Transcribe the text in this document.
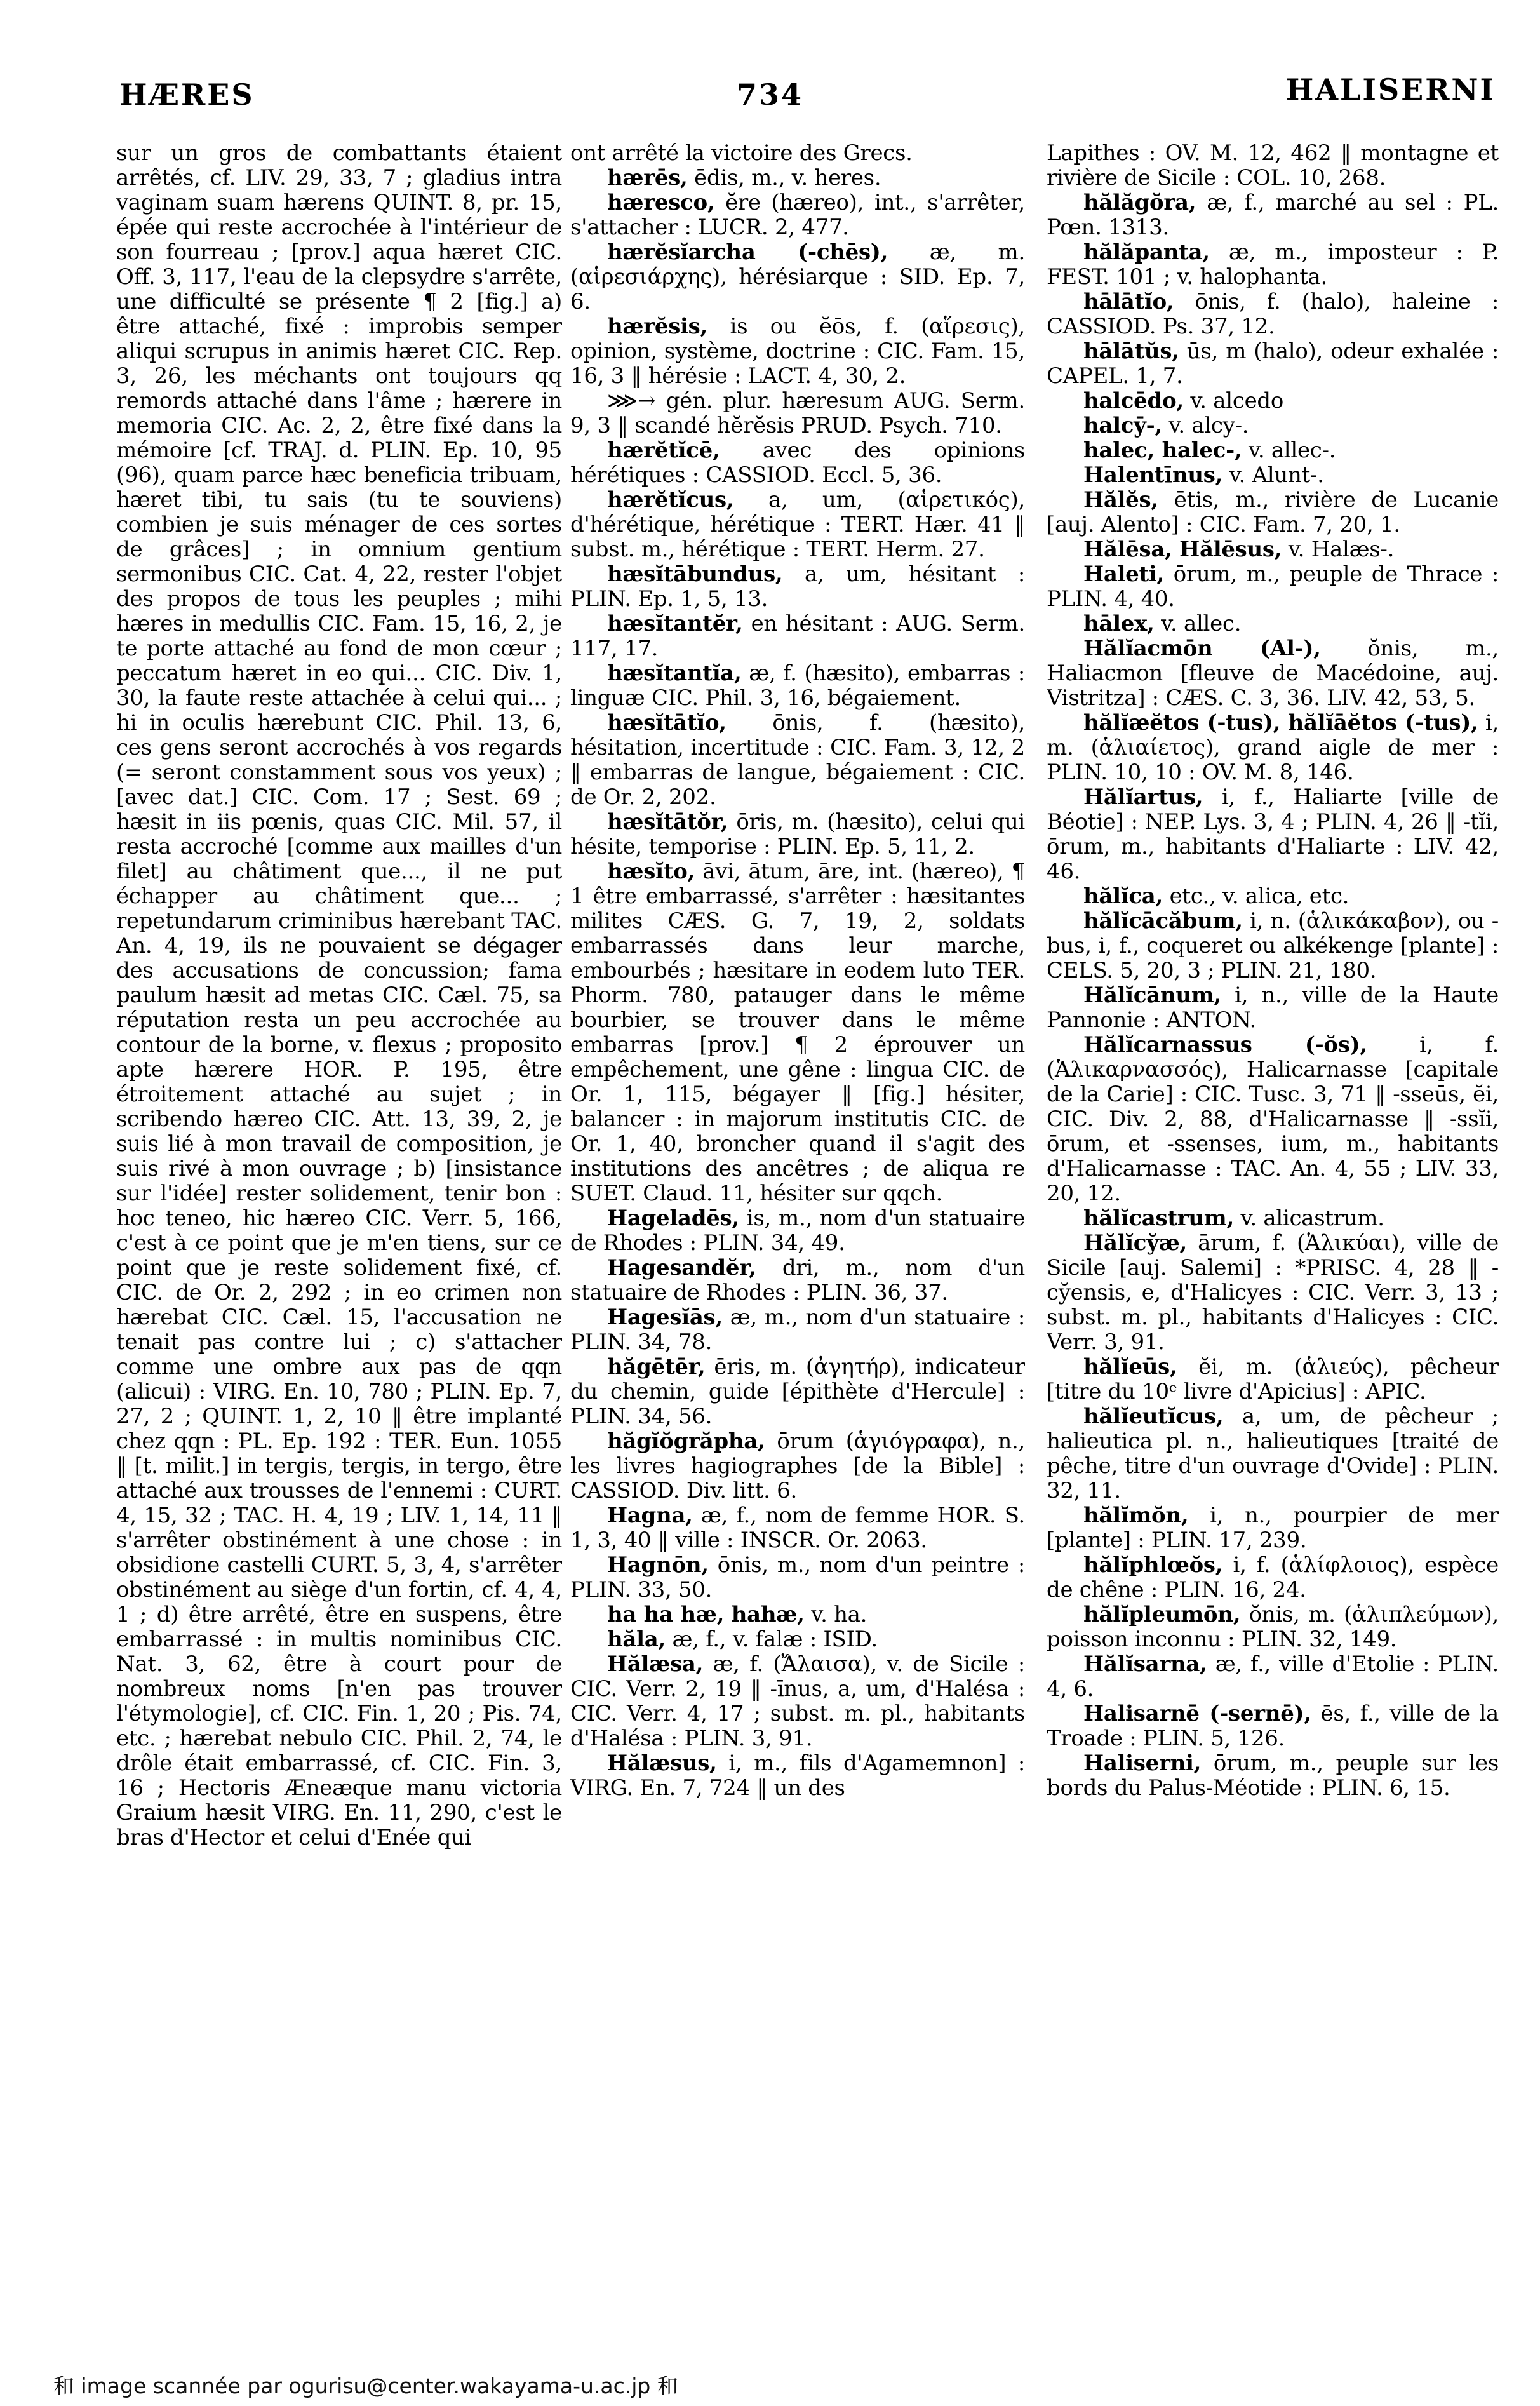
HÆRES	734	HALISERNI

sur un gros de combattants étaient arrêtés, cf. LIV. 29, 33, 7 ; gladius intra vaginam suam hærens QUINT. 8, pr. 15, épée qui reste accrochée à l'intérieur de son fourreau ; [prov.] aqua hæret CIC. Off. 3, 117, l'eau de la clepsydre s'arrête, une difficulté se présente ¶ 2 [fig.] a) être attaché, fixé : improbis semper aliqui scrupus in animis hæret CIC. Rep. 3, 26, les méchants ont toujours qq remords attaché dans l'âme ; hærere in memoria CIC. Ac. 2, 2, être fixé dans la mémoire [cf. TRAJ. d. PLIN. Ep. 10, 95 (96), quam parce hæc beneficia tribuam, hæret tibi, tu sais (tu te souviens) combien je suis ménager de ces sortes de grâces] ; in omnium gentium sermonibus CIC. Cat. 4, 22, rester l'objet des propos de tous les peuples ; mihi hæres in medullis CIC. Fam. 15, 16, 2, je te porte attaché au fond de mon cœur ; peccatum hæret in eo qui... CIC. Div. 1, 30, la faute reste attachée à celui qui... ; hi in oculis hærebunt CIC. Phil. 13, 6, ces gens seront accrochés à vos regards (= seront constamment sous vos yeux) ; [avec dat.] CIC. Com. 17 ; Sest. 69 ; hæsit in iis pœnis, quas CIC. Mil. 57, il resta accroché [comme aux mailles d'un filet] au châtiment que..., il ne put échapper au châtiment que... ; repetundarum criminibus hærebant TAC. An. 4, 19, ils ne pouvaient se dégager des accusations de concussion; fama paulum hæsit ad metas CIC. Cæl. 75, sa réputation resta un peu accrochée au contour de la borne, v. flexus ; proposito apte hærere HOR. P. 195, être étroitement attaché au sujet ; in scribendo hæreo CIC. Att. 13, 39, 2, je suis lié à mon travail de composition, je suis rivé à mon ouvrage ; b) [insistance sur l'idée] rester solidement, tenir bon : hoc teneo, hic hæreo CIC. Verr. 5, 166, c'est à ce point que je m'en tiens, sur ce point que je reste solidement fixé, cf. CIC. de Or. 2, 292 ; in eo crimen non hærebat CIC. Cæl. 15, l'accusation ne tenait pas contre lui ; c) s'attacher comme une ombre aux pas de qqn (alicui) : VIRG. En. 10, 780 ; PLIN. Ep. 7, 27, 2 ; QUINT. 1, 2, 10 ‖ être implanté chez qqn : PL. Ep. 192 : TER. Eun. 1055 ‖ [t. milit.] in tergis, tergis, in tergo, être attaché aux trousses de l'ennemi : CURT. 4, 15, 32 ; TAC. H. 4, 19 ; LIV. 1, 14, 11 ‖ s'arrêter obstinément à une chose : in obsidione castelli CURT. 5, 3, 4, s'arrêter obstinément au siège d'un fortin, cf. 4, 4, 1 ; d) être arrêté, être en suspens, être embarrassé : in multis nominibus CIC. Nat. 3, 62, être à court pour de nombreux noms [n'en pas trouver l'étymologie], cf. CIC. Fin. 1, 20 ; Pis. 74, etc. ; hærebat nebulo CIC. Phil. 2, 74, le drôle était embarrassé, cf. CIC. Fin. 3, 16 ; Hectoris Æneæque manu victoria Graium hæsit VIRG. En. 11, 290, c'est le bras d'Hector et celui d'Enée qui

ont arrêté la victoire des Grecs.

hærēs, ēdis, m., v. heres.

hæresco, ĕre (hæreo), int., s'arrêter, s'attacher : LUCR. 2, 477.

hærĕsĭarcha (-chēs), æ, m. (αἱρεσιάρχης), hérésiarque : SID. Ep. 7, 6.

hærĕsis, is ou ĕōs, f. (αἵρεσις), opinion, système, doctrine : CIC. Fam. 15, 16, 3 ‖ hérésie : LACT. 4, 30, 2.

⋙→ gén. plur. hæresum AUG. Serm. 9, 3 ‖ scandé hĕrĕsis PRUD. Psych. 710.

hærĕtĭcē, avec des opinions hérétiques : CASSIOD. Eccl. 5, 36.

hærĕtĭcus, a, um, (αἱρετικός), d'hérétique, hérétique : TERT. Hær. 41 ‖ subst. m., hérétique : TERT. Herm. 27.

hæsĭtābundus, a, um, hésitant : PLIN. Ep. 1, 5, 13.

hæsĭtantĕr, en hésitant : AUG. Serm. 117, 17.

hæsĭtantĭa, æ, f. (hæsito), embarras : linguæ CIC. Phil. 3, 16, bégaiement.

hæsĭtātĭo, ōnis, f. (hæsito), hésitation, incertitude : CIC. Fam. 3, 12, 2 ‖ embarras de langue, bégaiement : CIC. de Or. 2, 202.

hæsĭtātŏr, ōris, m. (hæsito), celui qui hésite, temporise : PLIN. Ep. 5, 11, 2.

hæsĭto, āvi, ātum, āre, int. (hæreo), ¶ 1 être embarrassé, s'arrêter : hæsitantes milites CÆS. G. 7, 19, 2, soldats embarrassés dans leur marche, embourbés ; hæsitare in eodem luto TER. Phorm. 780, patauger dans le même bourbier, se trouver dans le même embarras [prov.] ¶ 2 éprouver un empêchement, une gêne : lingua CIC. de Or. 1, 115, bégayer ‖ [fig.] hésiter, balancer : in majorum institutis CIC. de Or. 1, 40, broncher quand il s'agit des institutions des ancêtres ; de aliqua re SUET. Claud. 11, hésiter sur qqch.

Hageladēs, is, m., nom d'un statuaire de Rhodes : PLIN. 34, 49.

Hagesandĕr, dri, m., nom d'un statuaire de Rhodes : PLIN. 36, 37.

Hagesĭās, æ, m., nom d'un statuaire : PLIN. 34, 78.

hăgētēr, ēris, m. (ἀγητήρ), indicateur du chemin, guide [épithète d'Hercule] : PLIN. 34, 56.

hăgĭŏgrăpha, ōrum (ἁγιόγραφα), n., les livres hagiographes [de la Bible] : CASSIOD. Div. litt. 6.

Hagna, æ, f., nom de femme HOR. S. 1, 3, 40 ‖ ville : INSCR. Or. 2063.

Hagnōn, ōnis, m., nom d'un peintre : PLIN. 33, 50.

ha ha hæ, hahæ, v. ha.

hăla, æ, f., v. falæ : ISID.

Hălæsa, æ, f. (Ἄλαισα), v. de Sicile : CIC. Verr. 2, 19 ‖ -īnus, a, um, d'Halésa : CIC. Verr. 4, 17 ; subst. m. pl., habitants d'Halésa : PLIN. 3, 91.

Hălæsus, i, m., fils d'Agamemnon] : VIRG. En. 7, 724 ‖ un des

Lapithes : OV. M. 12, 462 ‖ montagne et rivière de Sicile : COL. 10, 268.

hălăgŏra, æ, f., marché au sel : PL. Pœn. 1313.

hălăpanta, æ, m., imposteur : P. FEST. 101 ; v. halophanta.

hālātĭo, ōnis, f. (halo), haleine : CASSIOD. Ps. 37, 12.

hālātŭs, ūs, m (halo), odeur exhalée : CAPEL. 1, 7.

halcēdo, v. alcedo

halcȳ-, v. alcy-.

halec, halec-, v. allec-.

Halentīnus, v. Alunt-.

Hălĕs, ētis, m., rivière de Lucanie [auj. Alento] : CIC. Fam. 7, 20, 1.

Hălēsa, Hălēsus, v. Halæs-.

Haleti, ōrum, m., peuple de Thrace : PLIN. 4, 40.

hālex, v. allec.

Hălĭacmōn (Al-), ŏnis, m., Haliacmon [fleuve de Macédoine, auj. Vistritza] : CÆS. C. 3, 36. LIV. 42, 53, 5.

hălĭæĕtos (-tus), hălĭāĕtos (-tus), i, m. (ἁλιαίετος), grand aigle de mer : PLIN. 10, 10 : OV. M. 8, 146.

Hălĭartus, i, f., Haliarte [ville de Béotie] : NEP. Lys. 3, 4 ; PLIN. 4, 26 ‖ -tĭi, ōrum, m., habitants d'Haliarte : LIV. 42, 46.

hălĭca, etc., v. alica, etc.

hălĭcācăbum, i, n. (ἁλικάκαβον), ou -bus, i, f., coqueret ou alkékenge [plante] : CELS. 5, 20, 3 ; PLIN. 21, 180.

Hălĭcānum, i, n., ville de la Haute Pannonie : ANTON.

Hălĭcarnassus (-ŏs), i, f. (Ἁλικαρνασσός), Halicarnasse [capitale de la Carie] : CIC. Tusc. 3, 71 ‖ -sseūs, ĕi, CIC. Div. 2, 88, d'Halicarnasse ‖ -ssĭi, ōrum, et -ssenses, ium, m., habitants d'Halicarnasse : TAC. An. 4, 55 ; LIV. 33, 20, 12.

hălĭcastrum, v. alicastrum.

Hălĭcy̆æ, ārum, f. (Ἁλικύαι), ville de Sicile [auj. Salemi] : *PRISC. 4, 28 ‖ -cy̆ensis, e, d'Halicyes : CIC. Verr. 3, 13 ; subst. m. pl., habitants d'Halicyes : CIC. Verr. 3, 91.

hălĭeūs, ĕi, m. (ἁλιεύς), pêcheur [titre du 10ᵉ livre d'Apicius] : APIC.

hălĭeutĭcus, a, um, de pêcheur ; halieutica pl. n., halieutiques [traité de pêche, titre d'un ouvrage d'Ovide] : PLIN. 32, 11.

hălĭmŏn, i, n., pourpier de mer [plante] : PLIN. 17, 239.

hălĭphlœŏs, i, f. (ἁλίφλοιος), espèce de chêne : PLIN. 16, 24.

hălĭpleumōn, ŏnis, m. (ἁλιπλεύμων), poisson inconnu : PLIN. 32, 149.

Hălĭsarna, æ, f., ville d'Etolie : PLIN. 4, 6.

Halisarnē (-sernē), ēs, f., ville de la Troade : PLIN. 5, 126.

Haliserni, ōrum, m., peuple sur les bords du Palus-Méotide : PLIN. 6, 15.

和 image scannée par ogurisu@center.wakayama-u.ac.jp 和
